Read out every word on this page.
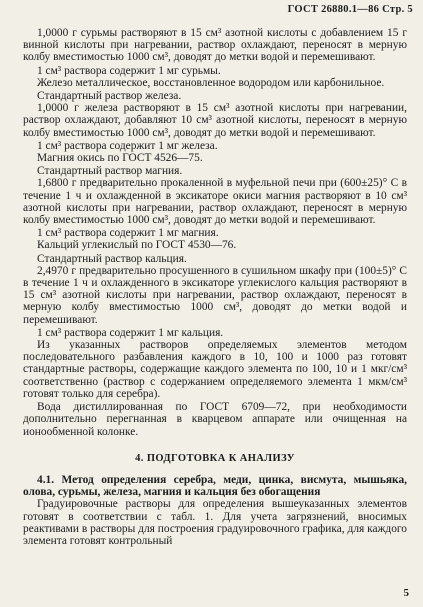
ГОСТ 26880.1—86 Стр. 5

1,0000 г сурьмы растворяют в 15 см³ азотной кислоты с добавлением 15 г винной кислоты при нагревании, раствор охлаждают, переносят в мерную колбу вместимостью 1000 см³, доводят до метки водой и перемешивают.

1 см³ раствора содержит 1 мг сурьмы.

Железо металлическое, восстановленное водородом или карбонильное.

Стандартный раствор железа.

1,0000 г железа растворяют в 15 см³ азотной кислоты при нагревании, раствор охлаждают, добавляют 10 см³ азотной кислоты, переносят в мерную колбу вместимостью 1000 см³, доводят до метки водой и перемешивают.

1 см³ раствора содержит 1 мг железа.

Магния окись по ГОСТ 4526—75.

Стандартный раствор магния.

1,6800 г предварительно прокаленной в муфельной печи при (600±25)° С в течение 1 ч и охлажденной в эксикаторе окиси магния растворяют в 10 см³ азотной кислоты при нагревании, раствор охлаждают, переносят в мерную колбу вместимостью 1000 см³, доводят до метки водой и перемешивают.

1 см³ раствора содержит 1 мг магния.

Кальций углекислый по ГОСТ 4530—76.

Стандартный раствор кальция.

2,4970 г предварительно просушенного в сушильном шкафу при (100±5)° С в течение 1 ч и охлажденного в эксикаторе углекислого кальция растворяют в 15 см³ азотной кислоты при нагревании, раствор охлаждают, переносят в мерную колбу вместимостью 1000 см³, доводят до метки водой и перемешивают.

1 см³ раствора содержит 1 мг кальция.

Из указанных растворов определяемых элементов методом последовательного разбавления каждого в 10, 100 и 1000 раз готовят стандартные растворы, содержащие каждого элемента по 100, 10 и 1 мкг/см³ соответственно (раствор с содержанием определяемого элемента 1 мкм/см³ готовят только для серебра).

Вода дистиллированная по ГОСТ 6709—72, при необходимости дополнительно перегнанная в кварцевом аппарате или очищенная на ионообменной колонке.

4. ПОДГОТОВКА К АНАЛИЗУ

4.1. Метод определения серебра, меди, цинка, висмута, мышьяка, олова, сурьмы, железа, магния и кальция без обогащения

Градуировочные растворы для определения вышеуказанных элементов готовят в соответствии с табл. 1. Для учета загрязнений, вносимых реактивами в растворы для построения градуировочного графика, для каждого элемента готовят контрольный

5
